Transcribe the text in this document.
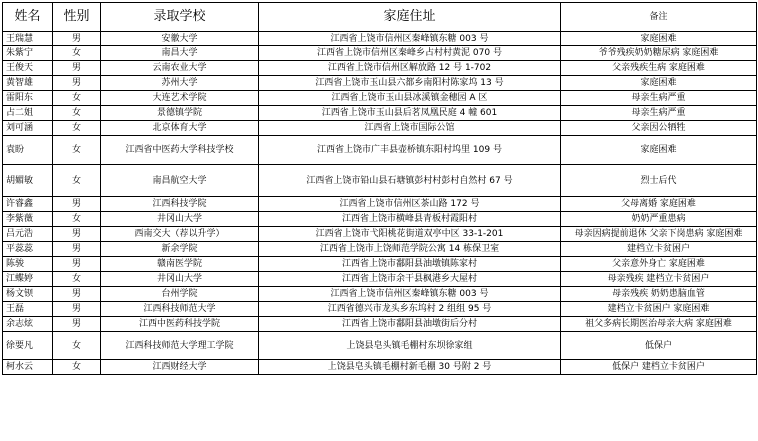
姓名	性别	录取学校	家庭住址	备注
王瑞慧	男	安徽大学	江西省上饶市信州区秦峰镇东糖 003 号	家庭困难
朱紫宁	女	南昌大学	江西省上饶市信州区秦峰乡占村村黄泥 070 号	爷爷残疾奶奶糖尿病 家庭困难
王俊天	男	云南农业大学	江西省上饶市信州区解放路 12 号 1-702	父亲残疾生病 家庭困难
黄智雄	男	苏州大学	江西省上饶市玉山县六都乡南阳村陈家坞 13 号	家庭困难
雷阳东	女	大连艺术学院	江西省上饶市玉山县冰溪镇金穗园 A 区	母亲生病严重
占二姐	女	景德镇学院	江西省上饶市玉山县后茗凤凰民庭 4 幢 601	母亲生病严重
刘可涵	女	北京体育大学	江西省上饶市国际公馆	父亲因公牺牲
袁盼	女	江西省中医药大学科技学校	江西省上饶市广丰县壶桥镇东阳村坞里 109 号	家庭困难
胡媚敏	女	南昌航空大学	江西省上饶市铅山县石塘镇彭村村彭村自然村 67 号	烈士后代
许睿鑫	男	江西科技学院	江西省上饶市信州区茶山路 172 号	父母离婚 家庭困难
李紫薇	女	井冈山大学	江西省上饶市横峰县青板村霞阳村	奶奶严重患病
吕元浩	男	西南交大（荐以升学）	江西省上饶市弋阳桃花街道双亭中区 33-1-201	母亲因病提前退休 父亲下岗患病 家庭困难
平蕊蕊	男	新余学院	江西省上饶市上饶师范学院公寓 14 栋保卫室	建档立卡贫困户
陈骏	男	赣南医学院	江西省上饶市鄱阳县油墩镇陈家村	父亲意外身亡 家庭困难
江蝶婷	女	井冈山大学	江西省上饶市余干县枫港乡大屋村	母亲残疾 建档立卡贫困户
杨文钡	男	台州学院	江西省上饶市信州区秦峰镇东糖 003 号	母亲残疾 奶奶患脑血管
王磊	男	江西科技师范大学	江西省德兴市龙头乡东坞村 2 组组 95 号	建档立卡贫困户 家庭困难
余志炫	男	江西中医药科技学院	江西省上饶市鄱阳县油墩街后分村	祖父多病长期医治母亲大病 家庭困难
徐要凡	女	江西科技师范大学理工学院	上饶县皂头镇毛棚村东坝徐家组	低保户
柯水云	女	江西财经大学	上饶县皂头镇毛棚村新毛棚 30 号附 2 号	低保户 建档立卡贫困户
